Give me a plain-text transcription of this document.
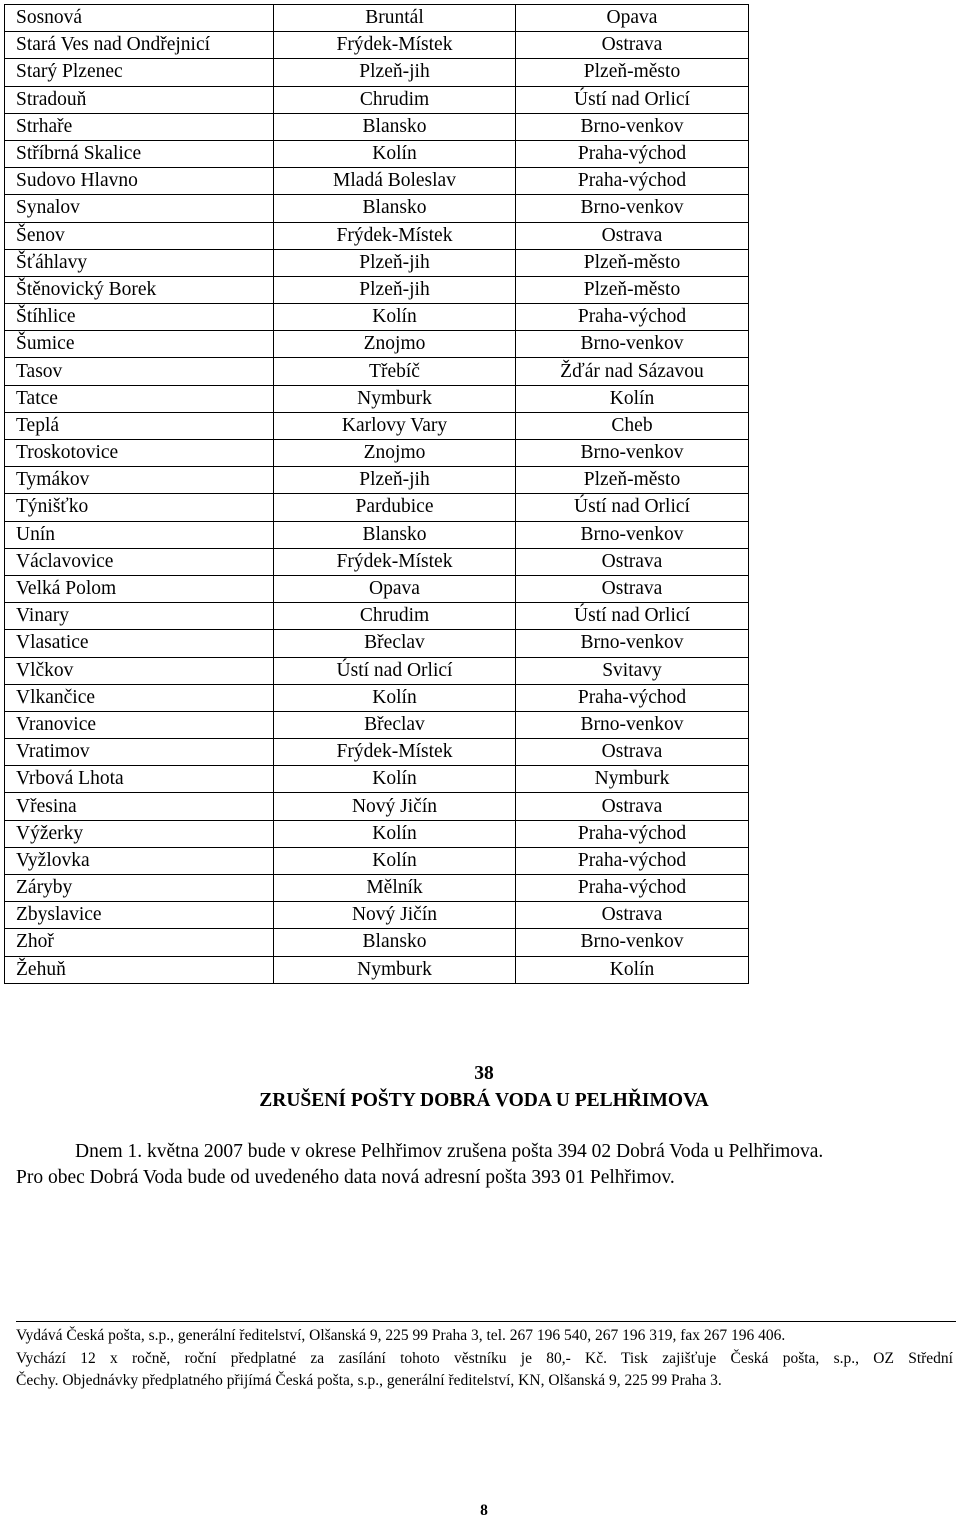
Sosnová	Bruntál	Opava
Stará Ves nad Ondřejnicí	Frýdek-Místek	Ostrava
Starý Plzenec	Plzeň-jih	Plzeň-město
Stradouň	Chrudim	Ústí nad Orlicí
Strhaře	Blansko	Brno-venkov
Stříbrná Skalice	Kolín	Praha-východ
Sudovo Hlavno	Mladá Boleslav	Praha-východ
Synalov	Blansko	Brno-venkov
Šenov	Frýdek-Místek	Ostrava
Šťáhlavy	Plzeň-jih	Plzeň-město
Štěnovický Borek	Plzeň-jih	Plzeň-město
Štíhlice	Kolín	Praha-východ
Šumice	Znojmo	Brno-venkov
Tasov	Třebíč	Žďár nad Sázavou
Tatce	Nymburk	Kolín
Teplá	Karlovy Vary	Cheb
Troskotovice	Znojmo	Brno-venkov
Tymákov	Plzeň-jih	Plzeň-město
Týnišťko	Pardubice	Ústí nad Orlicí
Unín	Blansko	Brno-venkov
Václavovice	Frýdek-Místek	Ostrava
Velká Polom	Opava	Ostrava
Vinary	Chrudim	Ústí nad Orlicí
Vlasatice	Břeclav	Brno-venkov
Vlčkov	Ústí nad Orlicí	Svitavy
Vlkančice	Kolín	Praha-východ
Vranovice	Břeclav	Brno-venkov
Vratimov	Frýdek-Místek	Ostrava
Vrbová Lhota	Kolín	Nymburk
Vřesina	Nový Jičín	Ostrava
Výžerky	Kolín	Praha-východ
Vyžlovka	Kolín	Praha-východ
Záryby	Mělník	Praha-východ
Zbyslavice	Nový Jičín	Ostrava
Zhoř	Blansko	Brno-venkov
Žehuň	Nymburk	Kolín
38
ZRUŠENÍ POŠTY DOBRÁ VODA U PELHŘIMOVA
Dnem 1. května 2007 bude v okrese Pelhřimov zrušena pošta 394 02 Dobrá Voda u Pelhřimova.
Pro obec Dobrá Voda bude od uvedeného data nová adresní pošta 393 01 Pelhřimov.
Vydává Česká pošta, s.p., generální ředitelství, Olšanská 9, 225 99 Praha 3, tel. 267 196 540, 267 196 319, fax 267 196 406.
Vychází 12 x ročně, roční předplatné za zasílání tohoto věstníku je 80,- Kč. Tisk zajišťuje Česká pošta, s.p., OZ Střední
Čechy. Objednávky předplatného přijímá Česká pošta, s.p., generální ředitelství, KN, Olšanská 9, 225 99 Praha 3.
8
